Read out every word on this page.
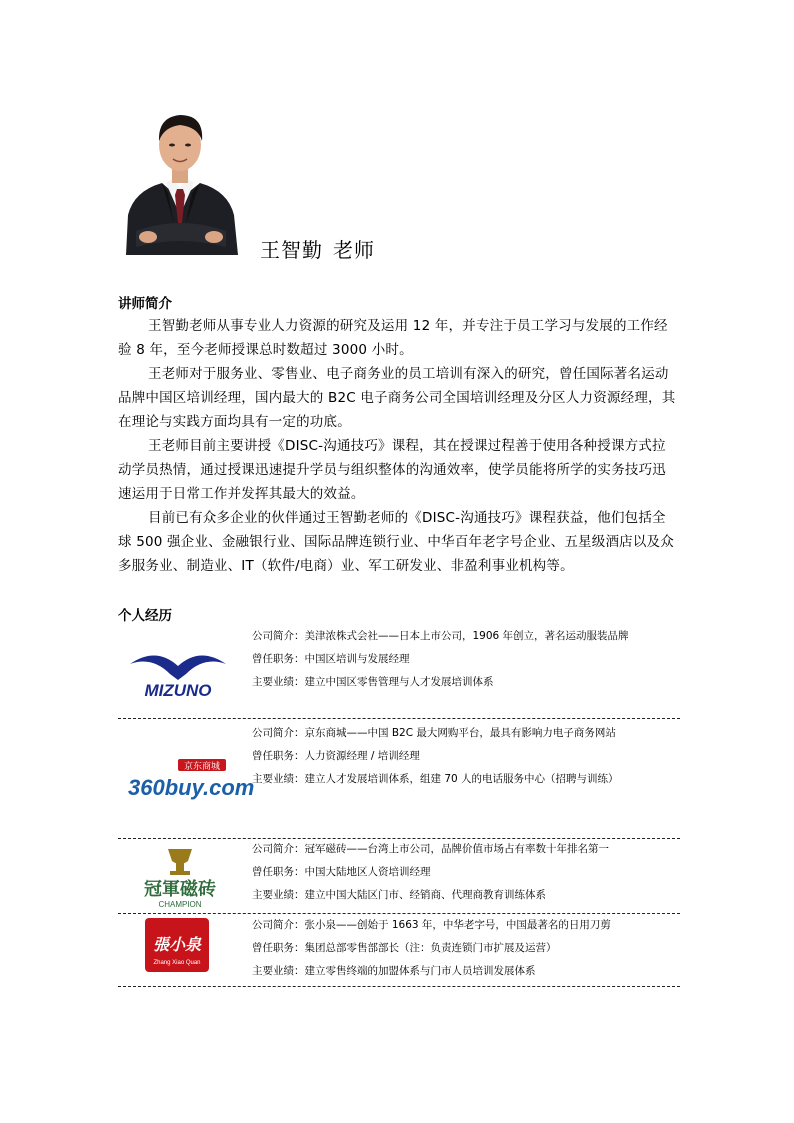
王智勤 老师
讲师简介
王智勤老师从事专业人力资源的研究及运用 12 年，并专注于员工学习与发展的工作经验 8 年，至今老师授课总时数超过 3000 小时。
王老师对于服务业、零售业、电子商务业的员工培训有深入的研究，曾任国际著名运动品牌中国区培训经理，国内最大的 B2C 电子商务公司全国培训经理及分区人力资源经理，其在理论与实践方面均具有一定的功底。
王老师目前主要讲授《DISC-沟通技巧》课程，其在授课过程善于使用各种授课方式拉动学员热情，通过授课迅速提升学员与组织整体的沟通效率，使学员能将所学的实务技巧迅速运用于日常工作并发挥其最大的效益。
目前已有众多企业的伙伴通过王智勤老师的《DISC-沟通技巧》课程获益，他们包括全球 500 强企业、金融银行业、国际品牌连锁行业、中华百年老字号企业、五星级酒店以及众多服务业、制造业、IT（软件/电商）业、军工研发业、非盈利事业机构等。
个人经历
MIZUNO
公司简介：美津浓株式会社——日本上市公司，1906 年创立，著名运动服装品牌
曾任职务：中国区培训与发展经理
主要业绩：建立中国区零售管理与人才发展培训体系
京东商城
360buy.com
公司简介：京东商城——中国 B2C 最大网购平台，最具有影响力电子商务网站
曾任职务：人力资源经理 / 培训经理
主要业绩：建立人才发展培训体系，组建 70 人的电话服务中心（招聘与训练）
冠軍磁砖
CHAMPION
公司简介：冠军磁砖——台湾上市公司，品牌价值市场占有率数十年排名第一
曾任职务：中国大陆地区人资培训经理
主要业绩：建立中国大陆区门市、经销商、代理商教育训练体系
張小泉
Zhang Xiao Quan
公司简介：张小泉——创始于 1663 年，中华老字号，中国最著名的日用刀剪
曾任职务：集团总部零售部部长（注：负责连锁门市扩展及运营）
主要业绩：建立零售终端的加盟体系与门市人员培训发展体系
